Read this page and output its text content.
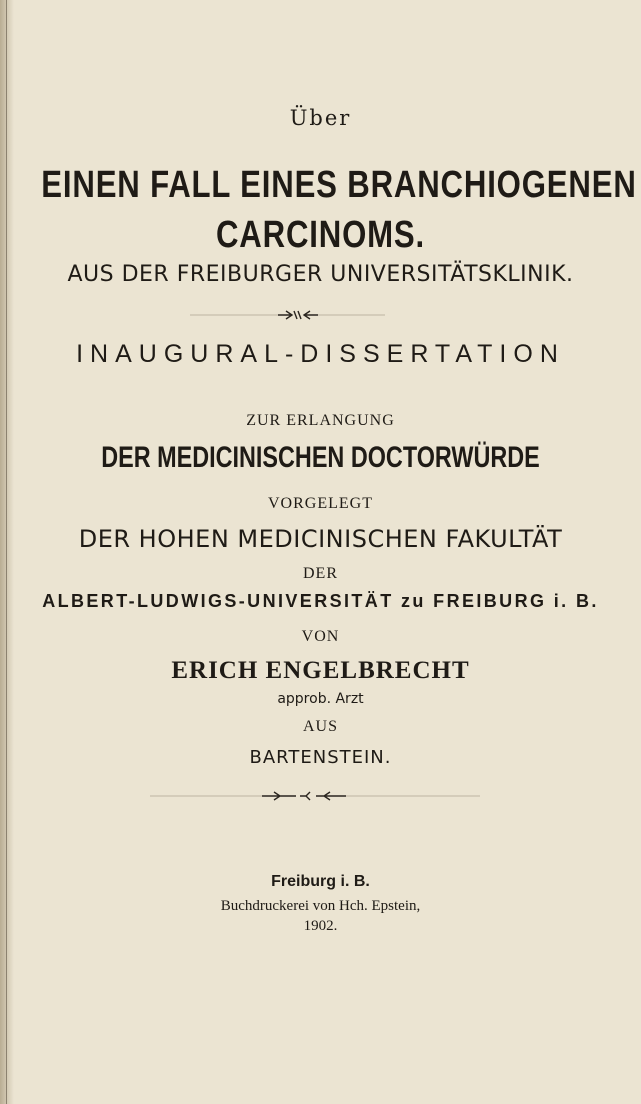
Über
EINEN FALL EINES BRANCHIOGENEN
CARCINOMS.
AUS DER FREIBURGER UNIVERSITÄTSKLINIK.
INAUGURAL-DISSERTATION
ZUR ERLANGUNG
DER MEDICINISCHEN DOCTORWÜRDE
VORGELEGT
DER HOHEN MEDICINISCHEN FAKULTÄT
DER
ALBERT-LUDWIGS-UNIVERSITÄT zu FREIBURG i. B.
VON
ERICH ENGELBRECHT
approb. Arzt
AUS
BARTENSTEIN.
Freiburg i. B.
Buchdruckerei von Hch. Epstein,
1902.
